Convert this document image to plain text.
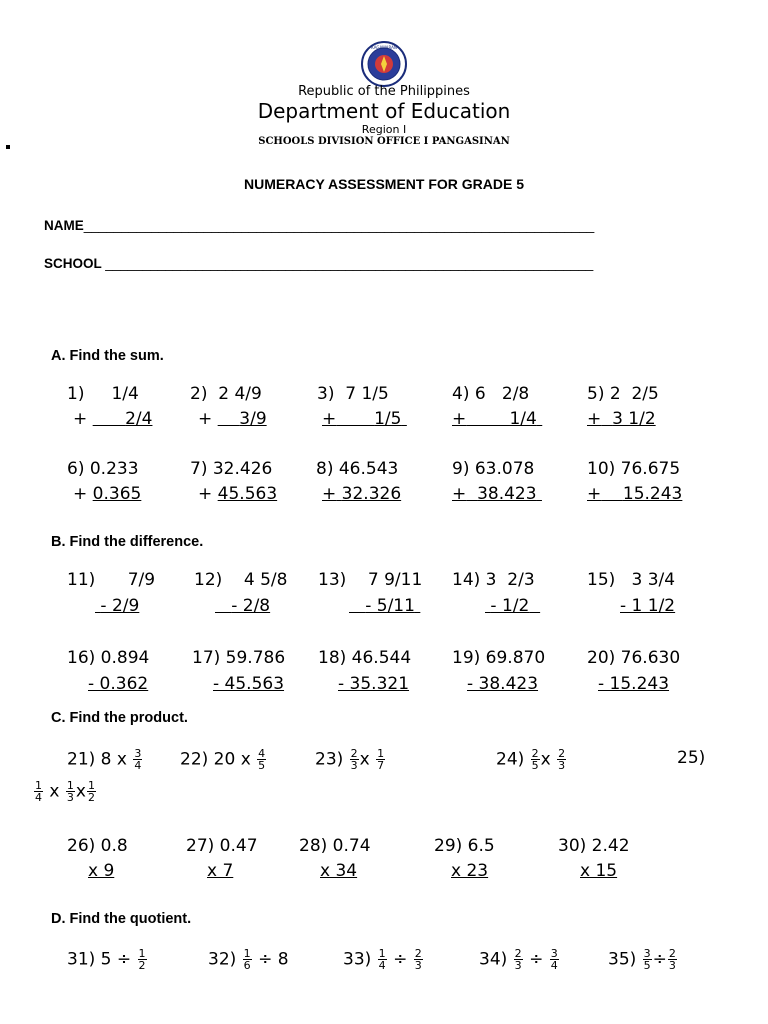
KAGAWARAN
Republic of the Philippines
Department of Education
Region I
SCHOOLS DIVISION OFFICE I PANGASINAN
NUMERACY ASSESSMENT FOR GRADE 5
NAME____________________________________________________________________
SCHOOL _________________________________________________________________
A. Find the sum.
1) 1/4
+ 2/4
2) 2 4/9
+ 3/9
3) 7 1/5
+ 1/5
4) 6 2/8
+	1/4
5) 2 2/5
+ 3 1/2
6) 0.233
+ 0.365
7) 32.426
+ 45.563
8) 46.543
+ 32.326
9) 63.078
+ 38.423
10) 76.675
+ 15.243
B. Find the difference.
11) 7/9
- 2/9
12) 4 5/8
- 2/8
13) 7 9/11
- 5/11
14) 3 2/3
- 1/2
15) 3 3/4
- 1 1/2
16) 0.894
- 0.362
17) 59.786
- 45.563
18) 46.544
- 35.321
19) 69.870
- 38.423
20) 76.630
- 15.243
C. Find the product.
21) 8 x $\frac{3}{4} 22$) 20 x $\frac{4}{5}$	$23) \frac{2}{3}$ x $\frac{1}{7}$	$24) \frac{2}{5}$ x $\frac{2}{3}$	25)
$\frac{1}{4}$ x $\frac{1}{3}$ x $\frac{1}{2}$
26) 0.8
x 9
27) 0.47
x 7
28) 0.74
x 34
29) 6.5
x 23
30) 2.42
x 15
D. Find the quotient.
31) $5 \div \frac{1}{2}$	$32) \frac{1}{6} \div 8$	$33) \frac{1}{4} \div \frac{2}{3}$	$34) \frac{2}{3} \div \frac{3}{4}$	$35) \frac{3}{5} \div \frac{2}{3}$
